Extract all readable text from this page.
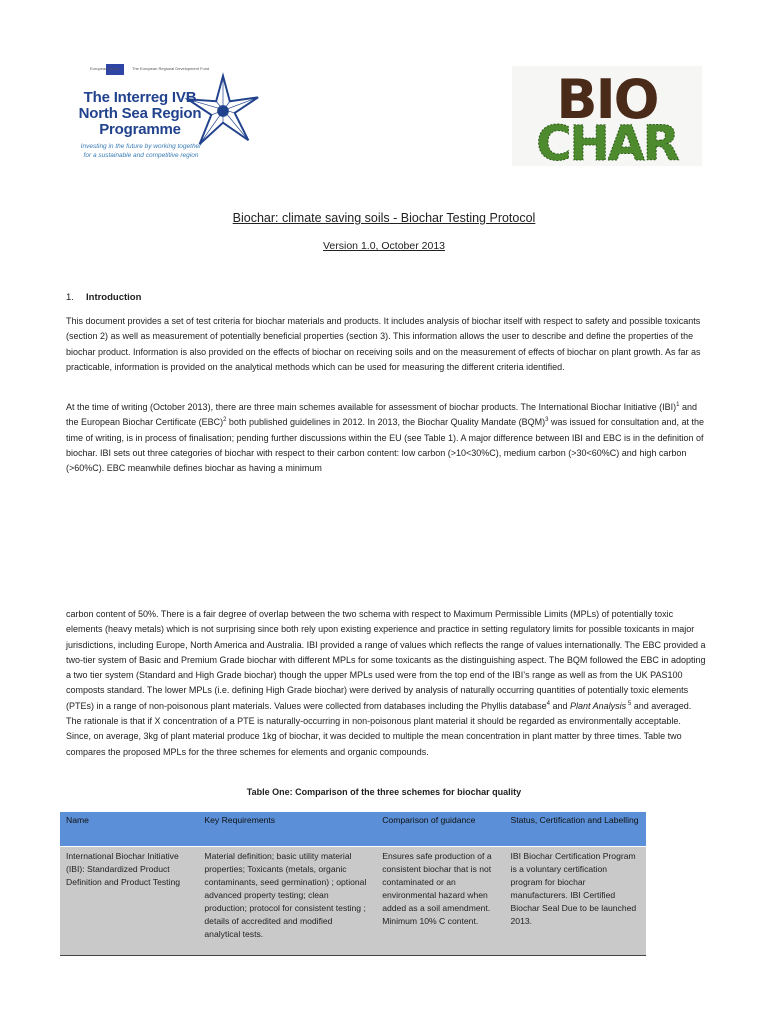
European Union	The European Regional Development Fund
The Interreg IVB
North Sea Region
Programme
Investing in the future by working together
for a sustainable and competitive region
BIO
CHAR
Biochar: climate saving soils - Biochar Testing Protocol
Version 1.0, October 2013
1. Introduction

This document provides a set of test criteria for biochar materials and products. It includes analysis of biochar itself with respect to safety and possible toxicants (section 2) as well as measurement of potentially beneficial properties (section 3). This information allows the user to describe and define the properties of the biochar product. Information is also provided on the effects of biochar on receiving soils and on the measurement of effects of biochar on plant growth. As far as practicable, information is provided on the analytical methods which can be used for measuring the different criteria identified.

At the time of writing (October 2013), there are three main schemes available for assessment of biochar products. The International Biochar Initiative (IBI)$^1$ and the European Biochar Certificate (EBC)$^2$ both published guidelines in 2012. In 2013, the Biochar Quality Mandate (BQM)$^3$ was issued for consultation and, at the time of writing, is in process of finalisation; pending further discussions within the EU (see Table 1). A major difference between IBI and EBC is in the definition of biochar. IBI sets out three categories of biochar with respect to their carbon content: low carbon (>10<30%C), medium carbon (>30<60%C) and high carbon (>60%C). EBC meanwhile defines biochar as having a minimum

carbon content of 50%. There is a fair degree of overlap between the two schema with respect to Maximum Permissible Limits (MPLs) of potentially toxic elements (heavy metals) which is not surprising since both rely upon existing experience and practice in setting regulatory limits for possible toxicants in major jurisdictions, including Europe, North America and Australia. IBI provided a range of values which reflects the range of values internationally. The EBC provided a two-tier system of Basic and Premium Grade biochar with different MPLs for some toxicants as the distinguishing aspect. The BQM followed the EBC in adopting a two tier system (Standard and High Grade biochar) though the upper MPLs used were from the top end of the IBI’s range as well as from the UK PAS100 composts standard. The lower MPLs (i.e. defining High Grade biochar) were derived by analysis of naturally occurring quantities of potentially toxic elements (PTEs) in a range of non-poisonous plant materials. Values were collected from databases including the Phyllis database$^4$ and Plant Analysis $^5$ and averaged. The rationale is that if X concentration of a PTE is naturally-occurring in non-poisonous plant material it should be regarded as environmentally acceptable. Since, on average, 3kg of plant material produce 1kg of biochar, it was decided to multiple the mean concentration in plant matter by three times. Table two compares the proposed MPLs for the three schemes for elements and organic compounds.

Table One: Comparison of the three schemes for biochar quality
Name	Key Requirements	Comparison of guidance	Status, Certification and Labelling
International Biochar Initiative (IBI): Standardized Product Definition and Product Testing	Material definition; basic utility material properties; Toxicants (metals, organic contaminants, seed germination) ; optional advanced property testing; clean production; protocol for consistent testing ; details of accredited and modified analytical tests.	Ensures safe production of a consistent biochar that is not contaminated or an environmental hazard when added as a soil amendment. Minimum 10% C content.	IBI Biochar Certification Program is a voluntary certification program for biochar manufacturers. IBI Certified Biochar Seal Due to be launched 2013.
